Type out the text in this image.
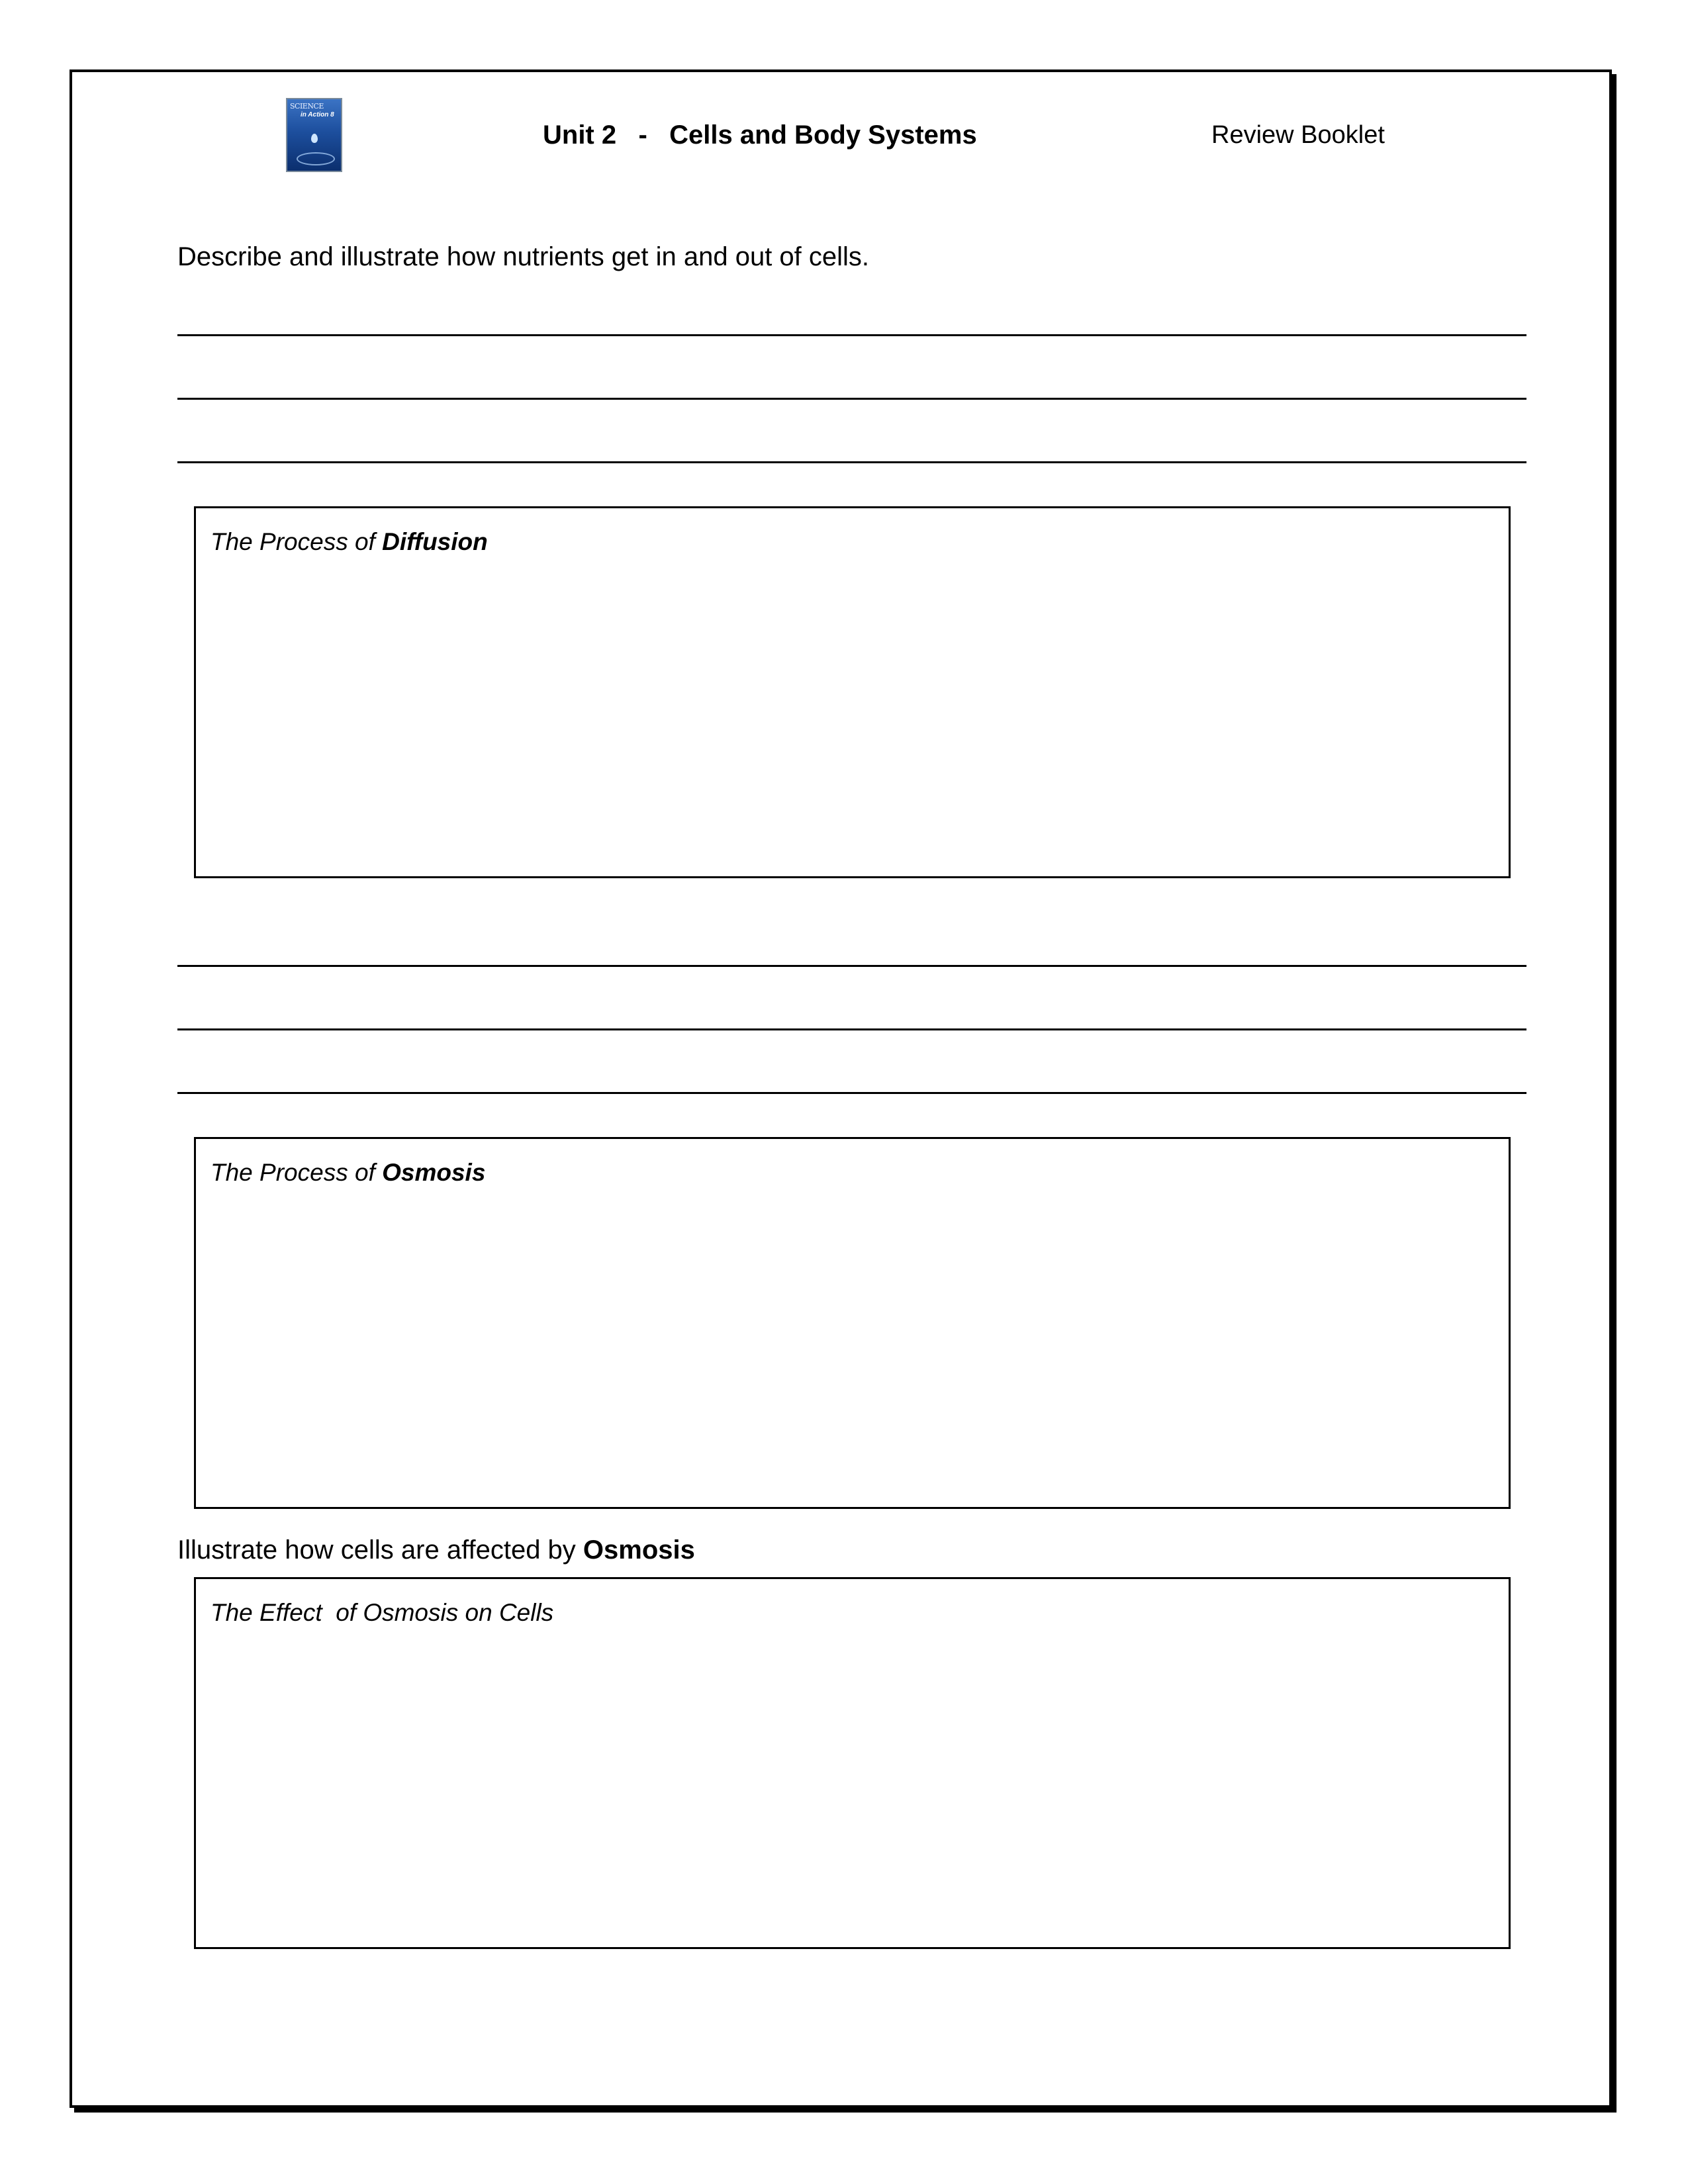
SCIENCE
in Action 8
Unit 2   -   Cells and Body Systems	Review Booklet
Describe and illustrate how nutrients get in and out of cells.
The Process of Diffusion
The Process of Osmosis
Illustrate how cells are affected by Osmosis
The Effect  of Osmosis on Cells
